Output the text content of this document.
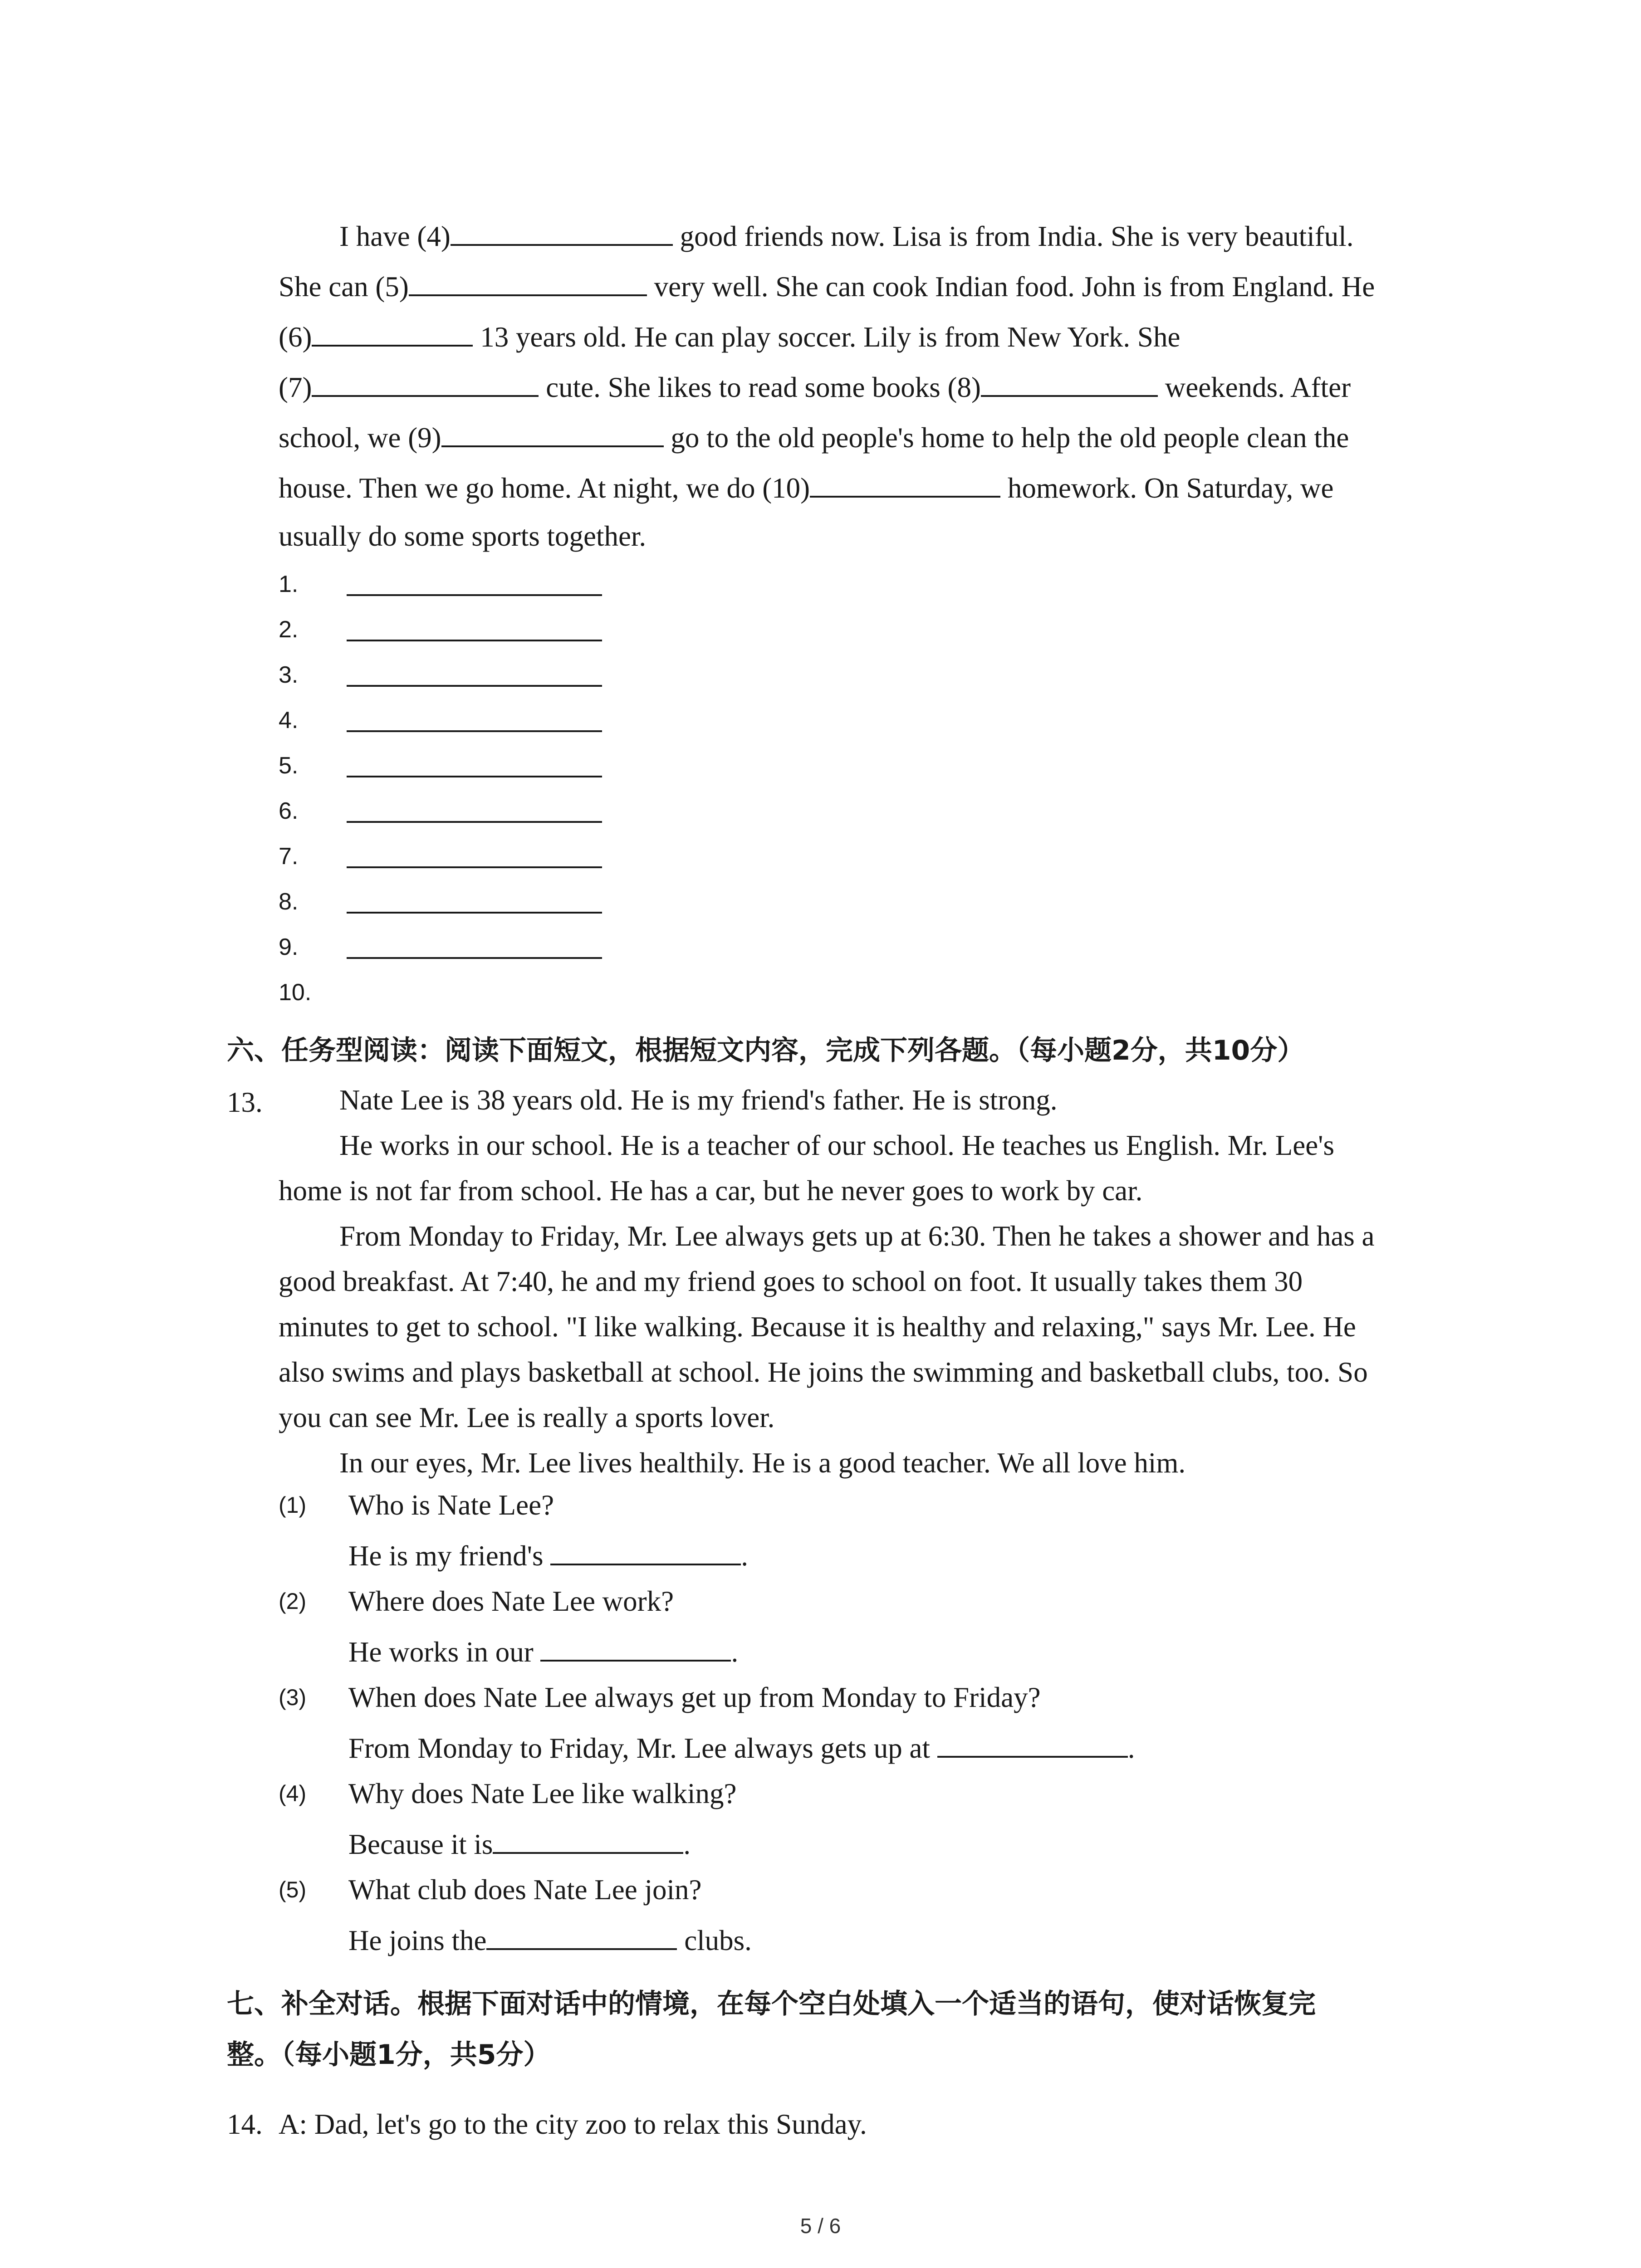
I have (4)	good friends now. Lisa is from India. She is very beautiful.
She can (5)	very well. She can cook Indian food. John is from England. He
(6)	13 years old. He can play soccer. Lily is from New York. She
(7)	cute. She likes to read some books (8)	weekends. After
school, we (9)	go to the old people's home to help the old people clean the
house. Then we go home. At night, we do (10)	homework. On Saturday, we
usually do some sports together.
1.
2.
3.
4.
5.
6.
7.
8.
9.
10.
六、任务型阅读：阅读下面短文，根据短文内容，完成下列各题。（每小题2分，共10分）
13.	Nate Lee is 38 years old. He is my friend's father. He is strong.
He works in our school. He is a teacher of our school. He teaches us English. Mr. Lee's
home is not far from school. He has a car, but he never goes to work by car.
From Monday to Friday, Mr. Lee always gets up at 6:30. Then he takes a shower and has a
good breakfast. At 7:40, he and my friend goes to school on foot. It usually takes them 30
minutes to get to school. "I like walking. Because it is healthy and relaxing," says Mr. Lee. He
also swims and plays basketball at school. He joins the swimming and basketball clubs, too. So
you can see Mr. Lee is really a sports lover.
In our eyes, Mr. Lee lives healthily. He is a good teacher. We all love him.
(1) Who is Nate Lee?
He is my friend's	.
(2) Where does Nate Lee work?
He works in our	.
(3) When does Nate Lee always get up from Monday to Friday?
From Monday to Friday, Mr. Lee always gets up at	.
(4) Why does Nate Lee like walking?
Because it is	.
(5) What club does Nate Lee join?
He joins the	clubs.
七、补全对话。根据下面对话中的情境，在每个空白处填入一个适当的语句，使对话恢复完
整。（每小题1分，共5分）
14. A: Dad, let's go to the city zoo to relax this Sunday.
5 / 6
